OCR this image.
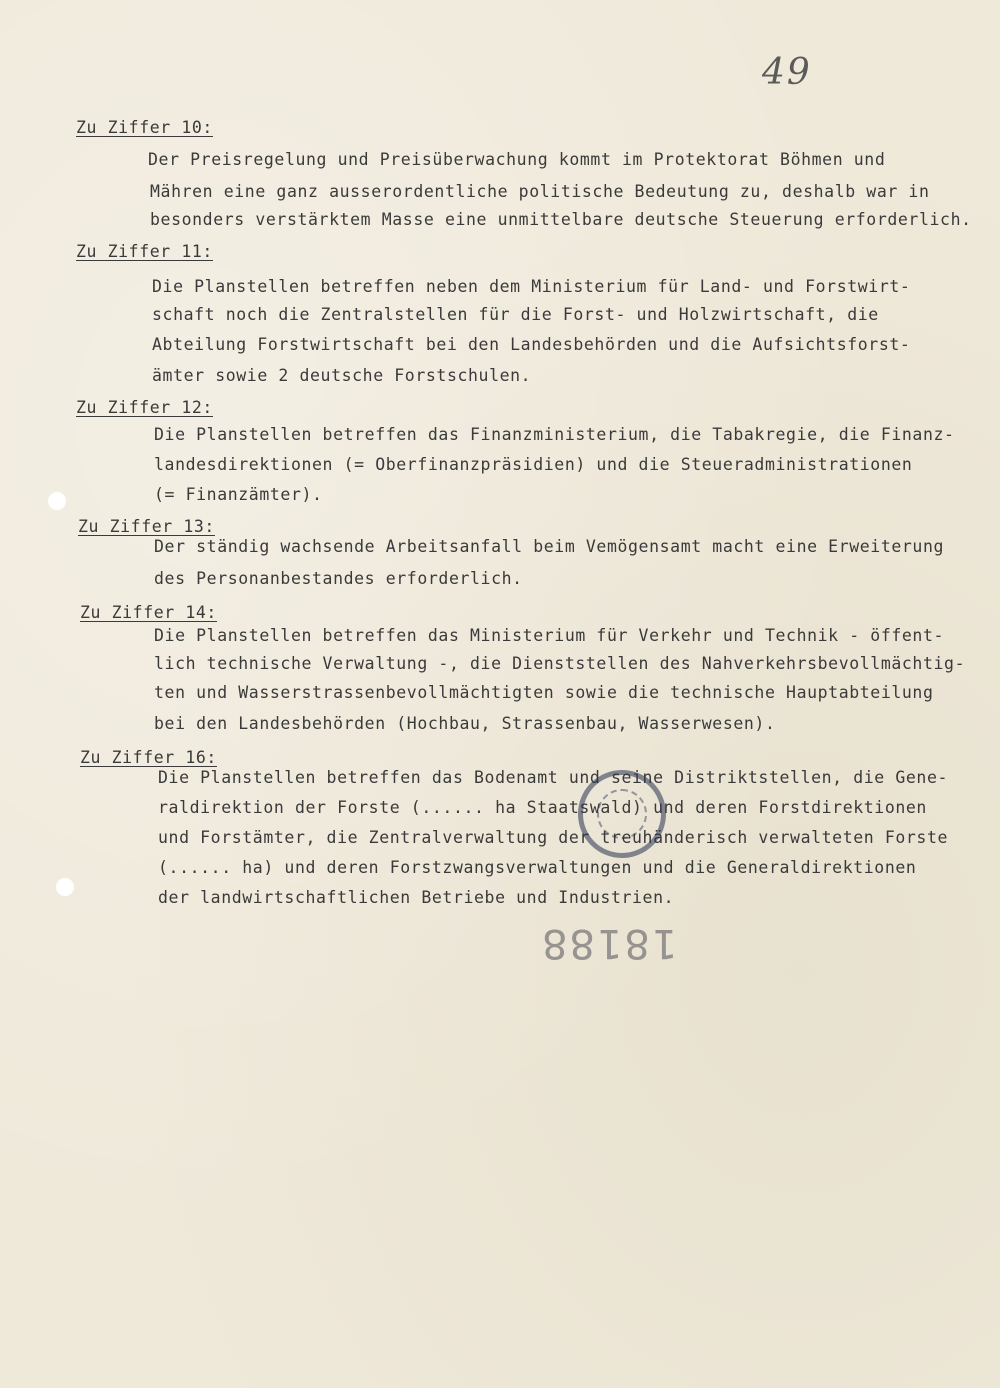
49
Zu Ziffer 10:
Der Preisregelung und Preisüberwachung kommt im Protektorat Böhmen und
Mähren eine ganz ausserordentliche politische Bedeutung zu, deshalb war in
besonders verstärktem Masse eine unmittelbare deutsche Steuerung erforderlich.
Zu Ziffer 11:
Die Planstellen betreffen neben dem Ministerium für Land- und Forstwirt-
schaft noch die Zentralstellen für die Forst- und Holzwirtschaft, die
Abteilung Forstwirtschaft bei den Landesbehörden und die Aufsichtsforst-
ämter sowie 2 deutsche Forstschulen.
Zu Ziffer 12:
Die Planstellen betreffen das Finanzministerium, die Tabakregie, die Finanz-
landesdirektionen (= Oberfinanzpräsidien) und die Steueradministrationen
(= Finanzämter).
Zu Ziffer 13:
Der ständig wachsende Arbeitsanfall beim Vemögensamt macht eine Erweiterung
des Personanbestandes erforderlich.
Zu Ziffer 14:
Die Planstellen betreffen das Ministerium für Verkehr und Technik - öffent-
lich technische Verwaltung -, die Dienststellen des Nahverkehrsbevollmächtig-
ten und Wasserstrassenbevollmächtigten sowie die technische Hauptabteilung
bei den Landesbehörden (Hochbau, Strassenbau, Wasserwesen).
Zu Ziffer 16:
Die Planstellen betreffen das Bodenamt und seine Distriktstellen, die Gene-
raldirektion der Forste (...... ha Staatswald) und deren Forstdirektionen
und Forstämter, die Zentralverwaltung der treuhänderisch verwalteten Forste
(...... ha) und deren Forstzwangsverwaltungen und die Generaldirektionen
der landwirtschaftlichen Betriebe und Industrien.
18188
